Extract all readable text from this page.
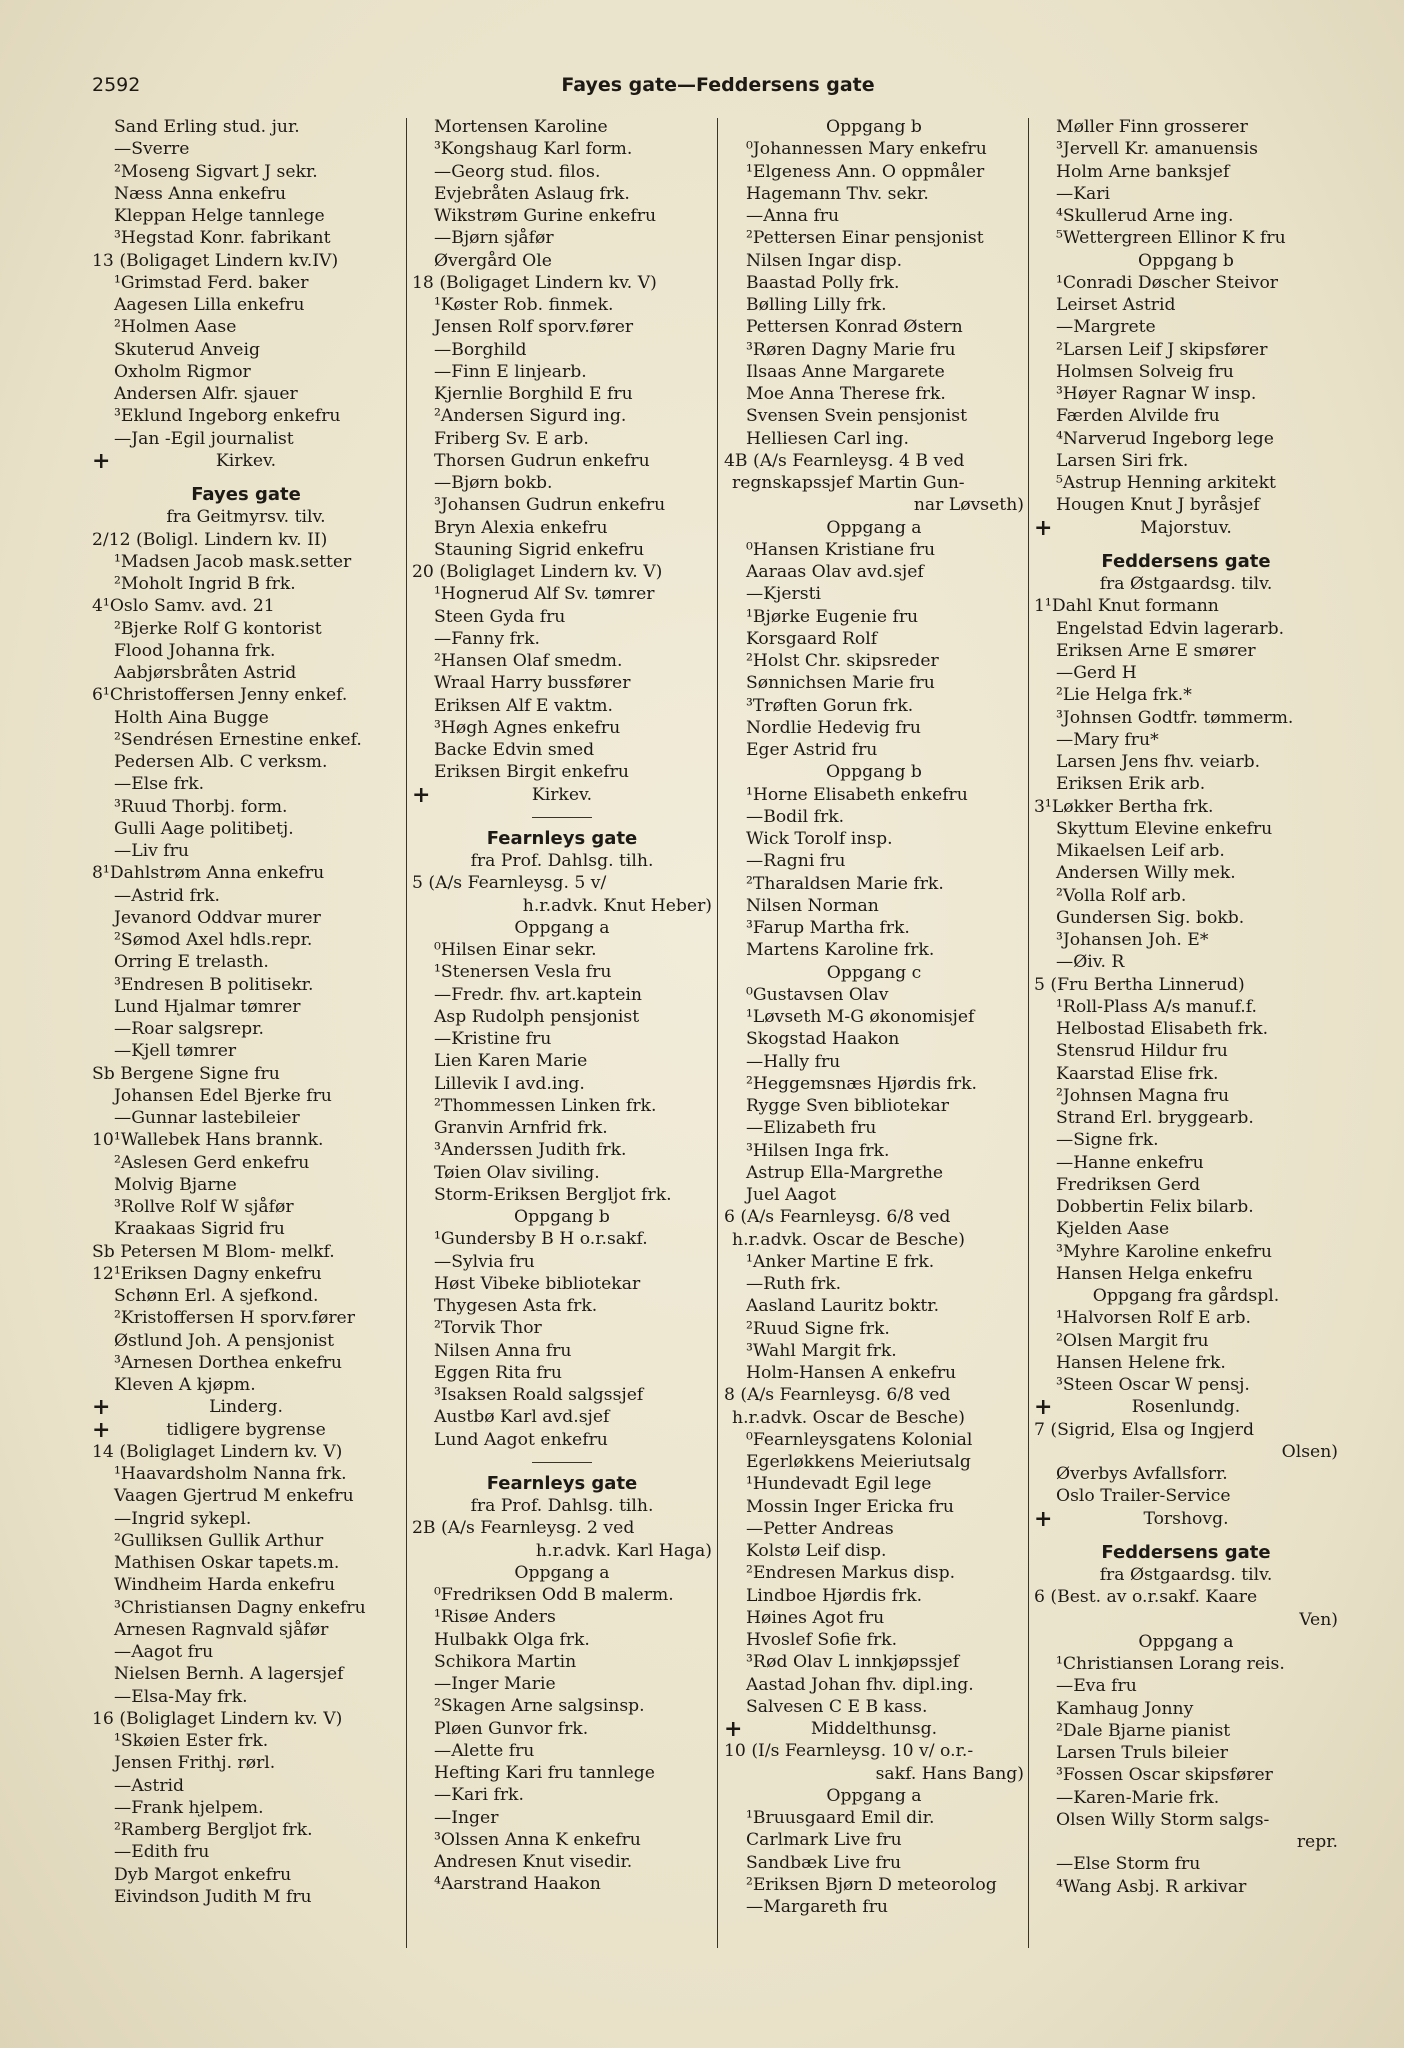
2592	Fayes gate—Feddersens gate
Sand Erling stud. jur.
—Sverre
²Moseng Sigvart J sekr.
Næss Anna enkefru
Kleppan Helge tannlege
³Hegstad Konr. fabrikant
13 (Boligaget Lindern kv.IV)
¹Grimstad Ferd. baker
Aagesen Lilla enkefru
²Holmen Aase
Skuterud Anveig
Oxholm Rigmor
Andersen Alfr. sjauer
³Eklund Ingeborg enkefru
—Jan -Egil journalist
+	Kirkev.
Fayes gate
fra Geitmyrsv. tilv.
2/12 (Boligl. Lindern kv. II)
¹Madsen Jacob mask.setter
²Moholt Ingrid B frk.
4¹Oslo Samv. avd. 21
²Bjerke Rolf G kontorist
Flood Johanna frk.
Aabjørsbråten Astrid
6¹Christoffersen Jenny enkef.
Holth Aina Bugge
²Sendrésen Ernestine enkef.
Pedersen Alb. C verksm.
—Else frk.
³Ruud Thorbj. form.
Gulli Aage politibetj.
—Liv fru
8¹Dahlstrøm Anna enkefru
—Astrid frk.
Jevanord Oddvar murer
²Sømod Axel hdls.repr.
Orring E trelasth.
³Endresen B politisekr.
Lund Hjalmar tømrer
—Roar salgsrepr.
—Kjell tømrer
Sb Bergene Signe fru
Johansen Edel Bjerke fru
—Gunnar lastebileier
10¹Wallebek Hans brannk.
²Aslesen Gerd enkefru
Molvig Bjarne
³Rollve Rolf W sjåfør
Kraakaas Sigrid fru
Sb Petersen M Blom- melkf.
12¹Eriksen Dagny enkefru
Schønn Erl. A sjefkond.
²Kristoffersen H sporv.fører
Østlund Joh. A pensjonist
³Arnesen Dorthea enkefru
Kleven A kjøpm.
+	Linderg.
+	tidligere bygrense
14 (Boliglaget Lindern kv. V)
¹Haavardsholm Nanna frk.
Vaagen Gjertrud M enkefru
—Ingrid sykepl.
²Gulliksen Gullik Arthur
Mathisen Oskar tapets.m.
Windheim Harda enkefru
³Christiansen Dagny enkefru
Arnesen Ragnvald sjåfør
—Aagot fru
Nielsen Bernh. A lagersjef
—Elsa-May frk.
16 (Boliglaget Lindern kv. V)
¹Skøien Ester frk.
Jensen Frithj. rørl.
—Astrid
—Frank hjelpem.
²Ramberg Bergljot frk.
—Edith fru
Dyb Margot enkefru
Eivindson Judith M fru
Mortensen Karoline
³Kongshaug Karl form.
—Georg stud. filos.
Evjebråten Aslaug frk.
Wikstrøm Gurine enkefru
—Bjørn sjåfør
Øvergård Ole
18 (Boligaget Lindern kv. V)
¹Køster Rob. finmek.
Jensen Rolf sporv.fører
—Borghild
—Finn E linjearb.
Kjernlie Borghild E fru
²Andersen Sigurd ing.
Friberg Sv. E arb.
Thorsen Gudrun enkefru
—Bjørn bokb.
³Johansen Gudrun enkefru
Bryn Alexia enkefru
Stauning Sigrid enkefru
20 (Boliglaget Lindern kv. V)
¹Hognerud Alf Sv. tømrer
Steen Gyda fru
—Fanny frk.
²Hansen Olaf smedm.
Wraal Harry bussfører
Eriksen Alf E vaktm.
³Høgh Agnes enkefru
Backe Edvin smed
Eriksen Birgit enkefru
+	Kirkev.
Fearnleys gate
fra Prof. Dahlsg. tilh.
5 (A/s Fearnleysg. 5 v/
h.r.advk. Knut Heber)
Oppgang a
⁰Hilsen Einar sekr.
¹Stenersen Vesla fru
—Fredr. fhv. art.kaptein
Asp Rudolph pensjonist
—Kristine fru
Lien Karen Marie
Lillevik I avd.ing.
²Thommessen Linken frk.
Granvin Arnfrid frk.
³Anderssen Judith frk.
Tøien Olav siviling.
Storm-Eriksen Bergljot frk.
Oppgang b
¹Gundersby B H o.r.sakf.
—Sylvia fru
Høst Vibeke bibliotekar
Thygesen Asta frk.
²Torvik Thor
Nilsen Anna fru
Eggen Rita fru
³Isaksen Roald salgssjef
Austbø Karl avd.sjef
Lund Aagot enkefru
Fearnleys gate
fra Prof. Dahlsg. tilh.
2B (A/s Fearnleysg. 2 ved
h.r.advk. Karl Haga)
Oppgang a
⁰Fredriksen Odd B malerm.
¹Risøe Anders
Hulbakk Olga frk.
Schikora Martin
—Inger Marie
²Skagen Arne salgsinsp.
Pløen Gunvor frk.
—Alette fru
Hefting Kari fru tannlege
—Kari frk.
—Inger
³Olssen Anna K enkefru
Andresen Knut visedir.
⁴Aarstrand Haakon
Oppgang b
⁰Johannessen Mary enkefru
¹Elgeness Ann. O oppmåler
Hagemann Thv. sekr.
—Anna fru
²Pettersen Einar pensjonist
Nilsen Ingar disp.
Baastad Polly frk.
Bølling Lilly frk.
Pettersen Konrad Østern
³Røren Dagny Marie fru
Ilsaas Anne Margarete
Moe Anna Therese frk.
Svensen Svein pensjonist
Helliesen Carl ing.
4B (A/s Fearnleysg. 4 B ved
regnskapssjef Martin Gun-
nar Løvseth)
Oppgang a
⁰Hansen Kristiane fru
Aaraas Olav avd.sjef
—Kjersti
¹Bjørke Eugenie fru
Korsgaard Rolf
²Holst Chr. skipsreder
Sønnichsen Marie fru
³Trøften Gorun frk.
Nordlie Hedevig fru
Eger Astrid fru
Oppgang b
¹Horne Elisabeth enkefru
—Bodil frk.
Wick Torolf insp.
—Ragni fru
²Tharaldsen Marie frk.
Nilsen Norman
³Farup Martha frk.
Martens Karoline frk.
Oppgang c
⁰Gustavsen Olav
¹Løvseth M-G økonomisjef
Skogstad Haakon
—Hally fru
²Heggemsnæs Hjørdis frk.
Rygge Sven bibliotekar
—Elizabeth fru
³Hilsen Inga frk.
Astrup Ella-Margrethe
Juel Aagot
6 (A/s Fearnleysg. 6/8 ved
h.r.advk. Oscar de Besche)
¹Anker Martine E frk.
—Ruth frk.
Aasland Lauritz boktr.
²Ruud Signe frk.
³Wahl Margit frk.
Holm-Hansen A enkefru
8 (A/s Fearnleysg. 6/8 ved
h.r.advk. Oscar de Besche)
⁰Fearnleysgatens Kolonial
Egerløkkens Meieriutsalg
¹Hundevadt Egil lege
Mossin Inger Ericka fru
—Petter Andreas
Kolstø Leif disp.
²Endresen Markus disp.
Lindboe Hjørdis frk.
Høines Agot fru
Hvoslef Sofie frk.
³Rød Olav L innkjøpssjef
Aastad Johan fhv. dipl.ing.
Salvesen C E B kass.
+	Middelthunsg.
10 (I/s Fearnleysg. 10 v/ o.r.-
sakf. Hans Bang)
Oppgang a
¹Bruusgaard Emil dir.
Carlmark Live fru
Sandbæk Live fru
²Eriksen Bjørn D meteorolog
—Margareth fru
Møller Finn grosserer
³Jervell Kr. amanuensis
Holm Arne banksjef
—Kari
⁴Skullerud Arne ing.
⁵Wettergreen Ellinor K fru
Oppgang b
¹Conradi Døscher Steivor
Leirset Astrid
—Margrete
²Larsen Leif J skipsfører
Holmsen Solveig fru
³Høyer Ragnar W insp.
Færden Alvilde fru
⁴Narverud Ingeborg lege
Larsen Siri frk.
⁵Astrup Henning arkitekt
Hougen Knut J byråsjef
+	Majorstuv.
Feddersens gate
fra Østgaardsg. tilv.
1¹Dahl Knut formann
Engelstad Edvin lagerarb.
Eriksen Arne E smører
—Gerd H
²Lie Helga frk.*
³Johnsen Godtfr. tømmerm.
—Mary fru*
Larsen Jens fhv. veiarb.
Eriksen Erik arb.
3¹Løkker Bertha frk.
Skyttum Elevine enkefru
Mikaelsen Leif arb.
Andersen Willy mek.
²Volla Rolf arb.
Gundersen Sig. bokb.
³Johansen Joh. E*
—Øiv. R
5 (Fru Bertha Linnerud)
¹Roll-Plass A/s manuf.f.
Helbostad Elisabeth frk.
Stensrud Hildur fru
Kaarstad Elise frk.
²Johnsen Magna fru
Strand Erl. bryggearb.
—Signe frk.
—Hanne enkefru
Fredriksen Gerd
Dobbertin Felix bilarb.
Kjelden Aase
³Myhre Karoline enkefru
Hansen Helga enkefru
Oppgang fra gårdspl.
¹Halvorsen Rolf E arb.
²Olsen Margit fru
Hansen Helene frk.
³Steen Oscar W pensj.
+	Rosenlundg.
7 (Sigrid, Elsa og Ingjerd
Olsen)
Øverbys Avfallsforr.
Oslo Trailer-Service
+	Torshovg.
Feddersens gate
fra Østgaardsg. tilv.
6 (Best. av o.r.sakf. Kaare
Ven)
Oppgang a
¹Christiansen Lorang reis.
—Eva fru
Kamhaug Jonny
²Dale Bjarne pianist
Larsen Truls bileier
³Fossen Oscar skipsfører
—Karen-Marie frk.
Olsen Willy Storm salgs-
repr.
—Else Storm fru
⁴Wang Asbj. R arkivar
